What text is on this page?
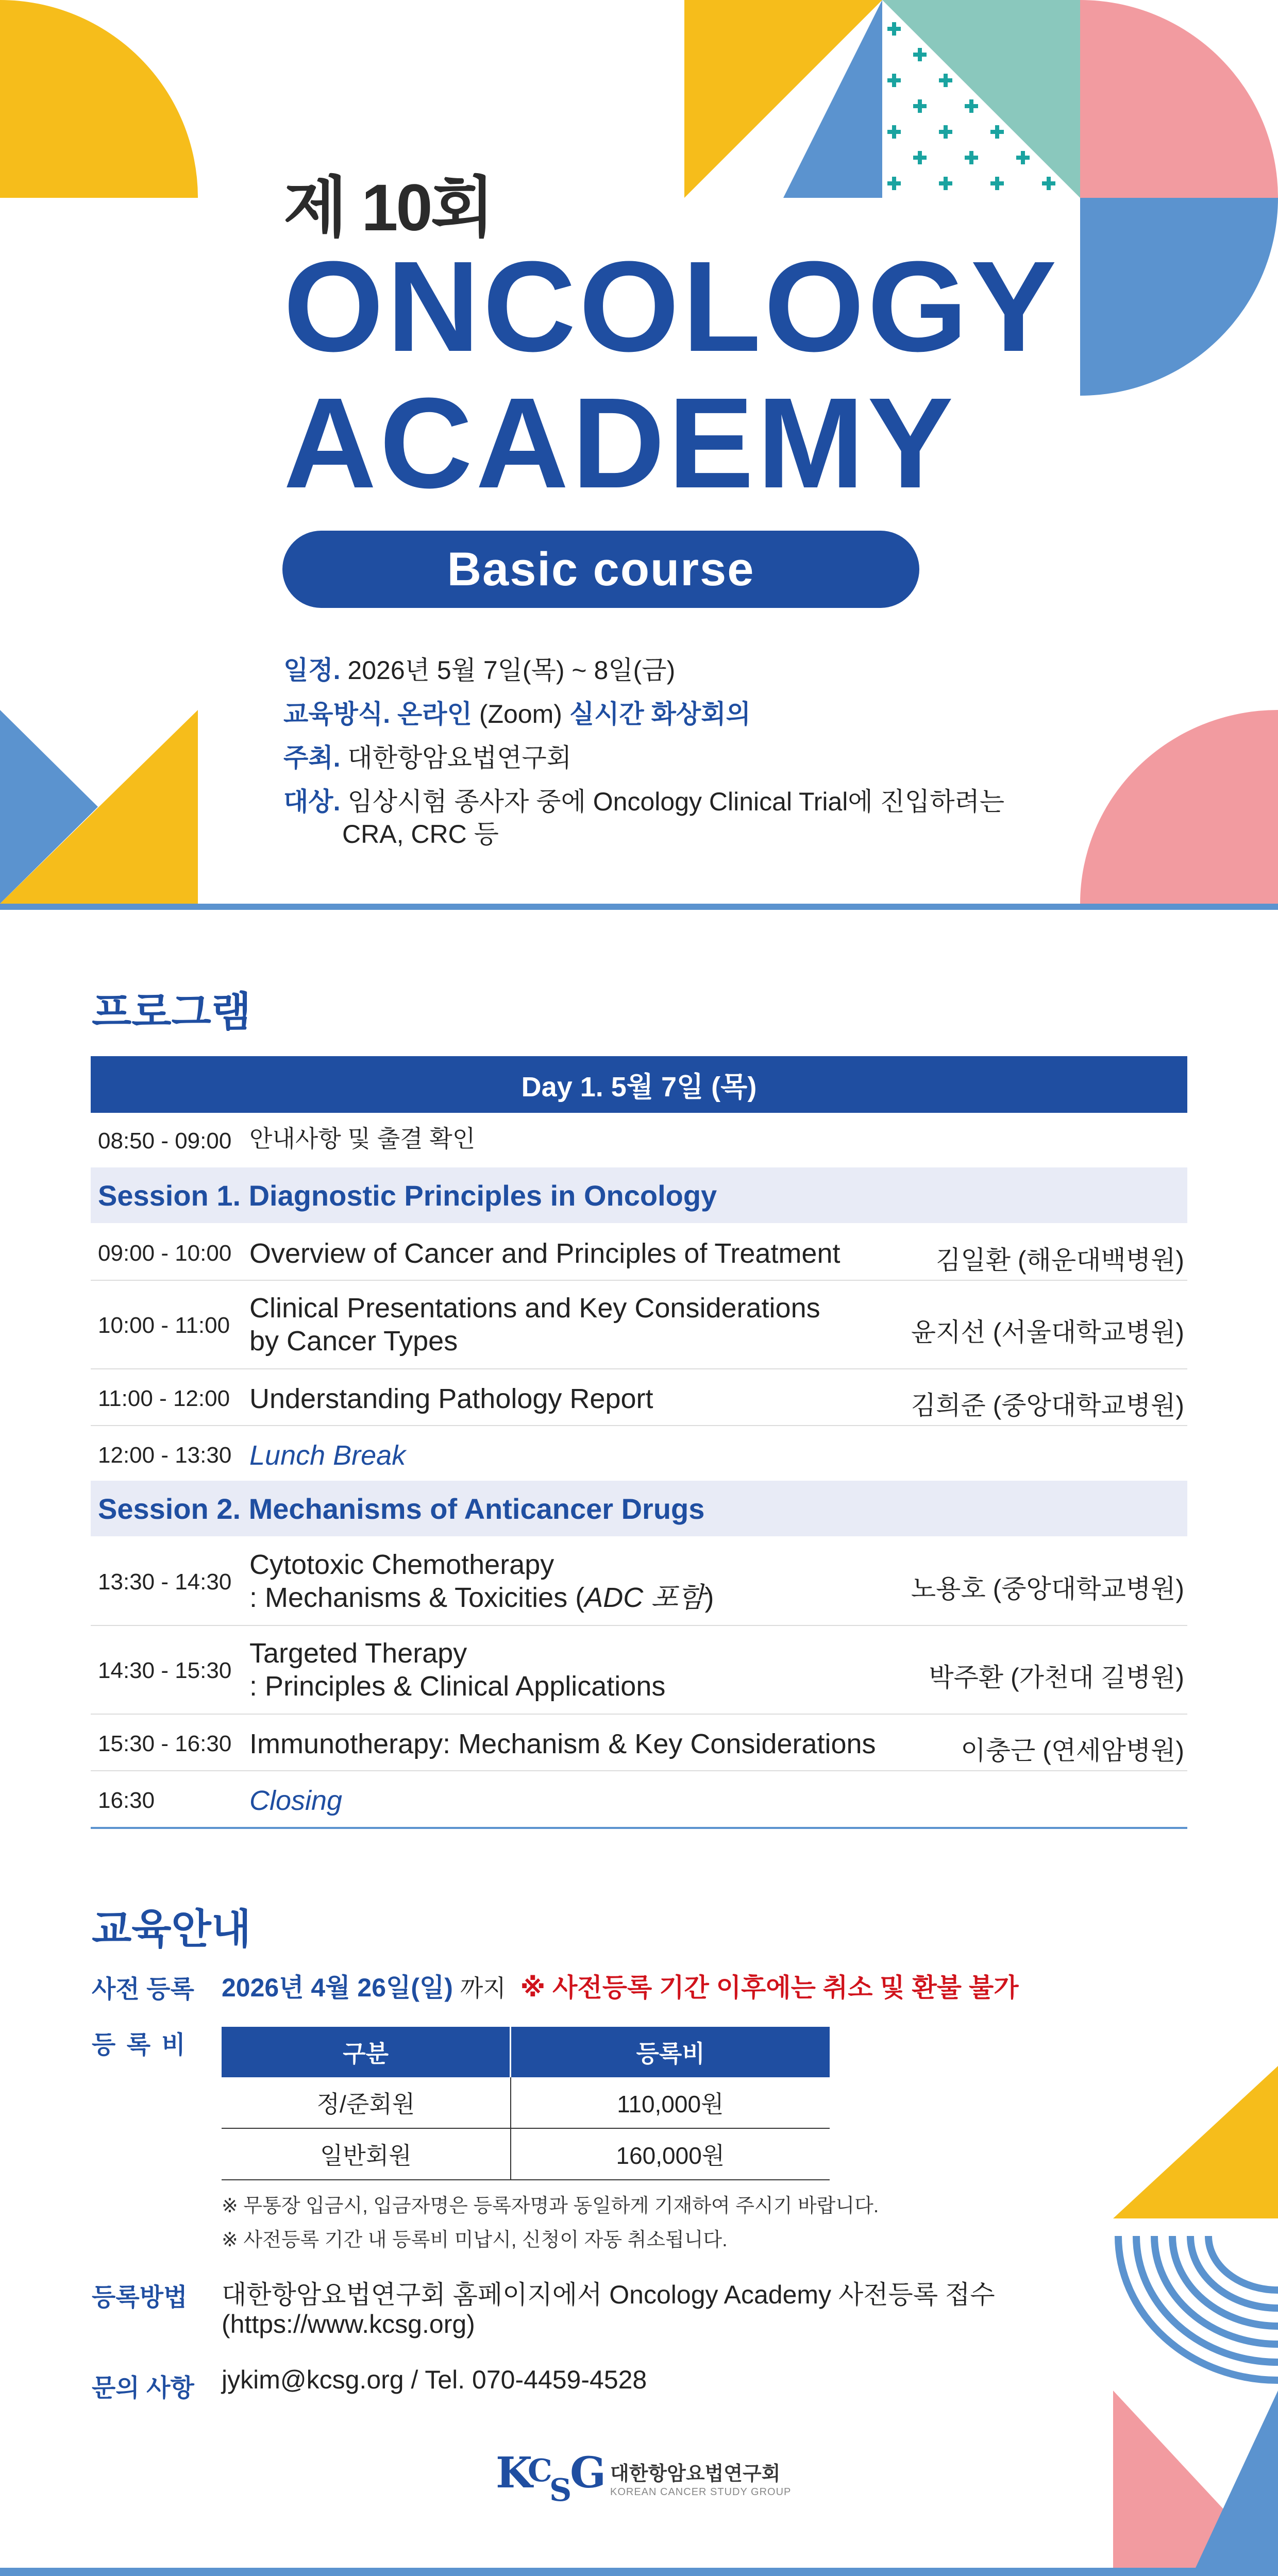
제 10회
ONCOLOGY
ACADEMY
Basic course
일정. 2026년 5월 7일(목) ~ 8일(금)
교육방식. 온라인 (Zoom) 실시간 화상회의
주최. 대한항암요법연구회
대상. 임상시험 종사자 중에 Oncology Clinical Trial에 진입하려는
CRA, CRC 등
프로그램
Day 1. 5월 7일 (목)
08:50 - 09:00 안내사항 및 출결 확인
Session 1. Diagnostic Principles in Oncology
09:00 - 10:00 Overview of Cancer and Principles of Treatment	김일환 (해운대백병원)
10:00 - 11:00
Clinical Presentations and Key Considerations
by Cancer Types	윤지선 (서울대학교병원)
11:00 - 12:00 Understanding Pathology Report	김희준 (중앙대학교병원)
12:00 - 13:30 Lunch Break
Session 2. Mechanisms of Anticancer Drugs
13:30 - 14:30
Cytotoxic Chemotherapy
: Mechanisms & Toxicities (ADC 포함)	노용호 (중앙대학교병원)
14:30 - 15:30
Targeted Therapy
: Principles & Clinical Applications	박주환 (가천대 길병원)
15:30 - 16:30 Immunotherapy: Mechanism & Key Considerations	이충근 (연세암병원)
16:30	Closing
교육안내
사전 등록 2026년 4월 26일(일) 까지 ※ 사전등록 기간 이후에는 취소 및 환불 불가
등 록 비	구분	등록비
정/준회원	110,000원
일반회원	160,000원
※ 무통장 입금시, 입금자명은 등록자명과 동일하게 기재하여 주시기 바랍니다.
※ 사전등록 기간 내 등록비 미납시, 신청이 자동 취소됩니다.
등록방법 대한항암요법연구회 홈페이지에서 Oncology Academy 사전등록 접수
(https://www.kcsg.org)
문의 사항 jykim@kcsg.org / Tel. 070-4459-4528
K
C
S
G 대한항암요법연구회
KOREAN CANCER STUDY GROUP
